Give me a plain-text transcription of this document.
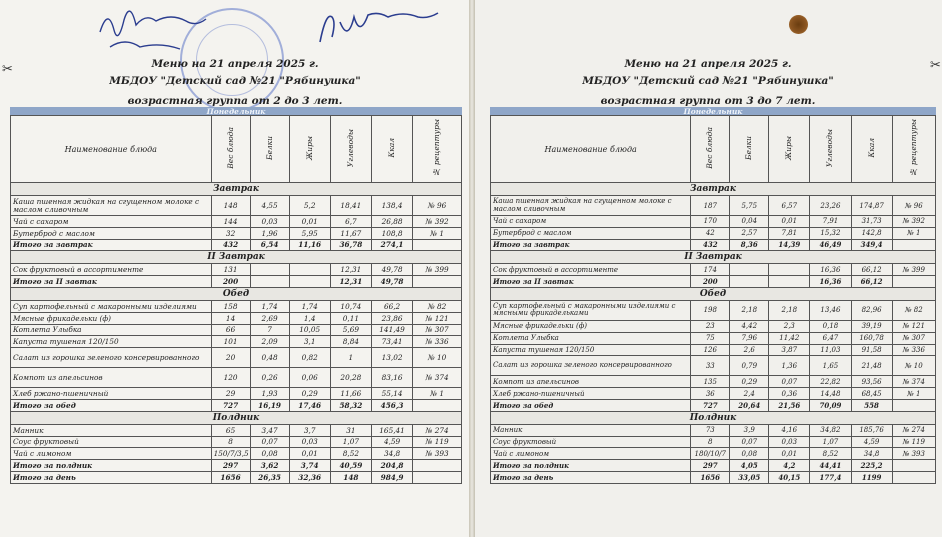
✂	✂
Меню на 21 апреля 2025 г.
МБДОУ "Детский сад №21 "Рябинушка"
возрастная группа от 2 до 3 лет.
Меню на 21 апреля 2025 г.
МБДОУ "Детский сад №21 "Рябинушка"
возрастная группа от 3 до 7 лет.
Понедельник	Понедельник
Наименование блюда	Вес блюда	Белки	Жиры	Углеводы	Ккал	№ рецептуры
Завтрак						
Каша пшенная жидкая на сгущенном молоке с маслом сливочным	148	4,55	5,2	18,41	138,4	№ 96
Чай с сахаром	144	0,03	0,01	6,7	26,88	№ 392
Бутерброд с маслом	32	1,96	5,95	11,67	108,8	№ 1
Итого за завтрак	432	6,54	11,16	36,78	274,1	
II Завтрак						
Сок фруктовый в ассортименте	131			12,31	49,78	№ 399
Итого за II завтак	200			12,31	49,78	
Обед						
Суп картофельный с макаронными изделиями	158	1,74	1,74	10,74	66,2	№ 82
Мясные фрикадельки (ф)	14	2,69	1,4	0,11	23,86	№ 121
Котлета Улыбка	66	7	10,05	5,69	141,49	№ 307
Капуста тушеная 120/150	101	2,09	3,1	8,84	73,41	№ 336
Салат из горошка зеленого консервированного	20	0,48	0,82	1	13,02	№ 10
Компот из апельсинов	120	0,26	0,06	20,28	83,16	№ 374
Хлеб ржано-пшеничный	29	1,93	0,29	11,66	55,14	№ 1
Итого за обед	727	16,19	17,46	58,32	456,3	
Полдник						
Манник	65	3,47	3,7	31	165,41	№ 274
Соус фруктовый	8	0,07	0,03	1,07	4,59	№ 119
Чай с лимоном	150/7/3,5	0,08	0,01	8,52	34,8	№ 393
Итого за полдник	297	3,62	3,74	40,59	204,8	
Итого за день	1656	26,35	32,36	148	984,9	
Наименование блюда	Вес блюда	Белки	Жиры	Углеводы	Ккал	№ рецептуры
Завтрак						
Каша пшенная жидкая на сгущенном молоке с маслом сливочным	187	5,75	6,57	23,26	174,87	№ 96
Чай с сахаром	170	0,04	0,01	7,91	31,73	№ 392
Бутерброд с маслом	42	2,57	7,81	15,32	142,8	№ 1
Итого за завтрак	432	8,36	14,39	46,49	349,4	
II Завтрак						
Сок фруктовый в ассортименте	174			16,36	66,12	№ 399
Итого за II завтак	200			16,36	66,12	
Обед						
Суп картофельный с макаронными изделиями с мясными фрикадельками	198	2,18	2,18	13,46	82,96	№ 82
Мясные фрикадельки (ф)	23	4,42	2,3	0,18	39,19	№ 121
Котлета Улыбка	75	7,96	11,42	6,47	160,78	№ 307
Капуста тушеная 120/150	126	2,6	3,87	11,03	91,58	№ 336
Салат из горошка зеленого консервированного	33	0,79	1,36	1,65	21,48	№ 10
Компот из апельсинов	135	0,29	0,07	22,82	93,56	№ 374
Хлеб ржано-пшеничный	36	2,4	0,36	14,48	68,45	№ 1
Итого за обед	727	20,64	21,56	70,09	558	
Полдник						
Манник	73	3,9	4,16	34,82	185,76	№ 274
Соус фруктовый	8	0,07	0,03	1,07	4,59	№ 119
Чай с лимоном	180/10/7	0,08	0,01	8,52	34,8	№ 393
Итого за полдник	297	4,05	4,2	44,41	225,2	
Итого за день	1656	33,05	40,15	177,4	1199	
